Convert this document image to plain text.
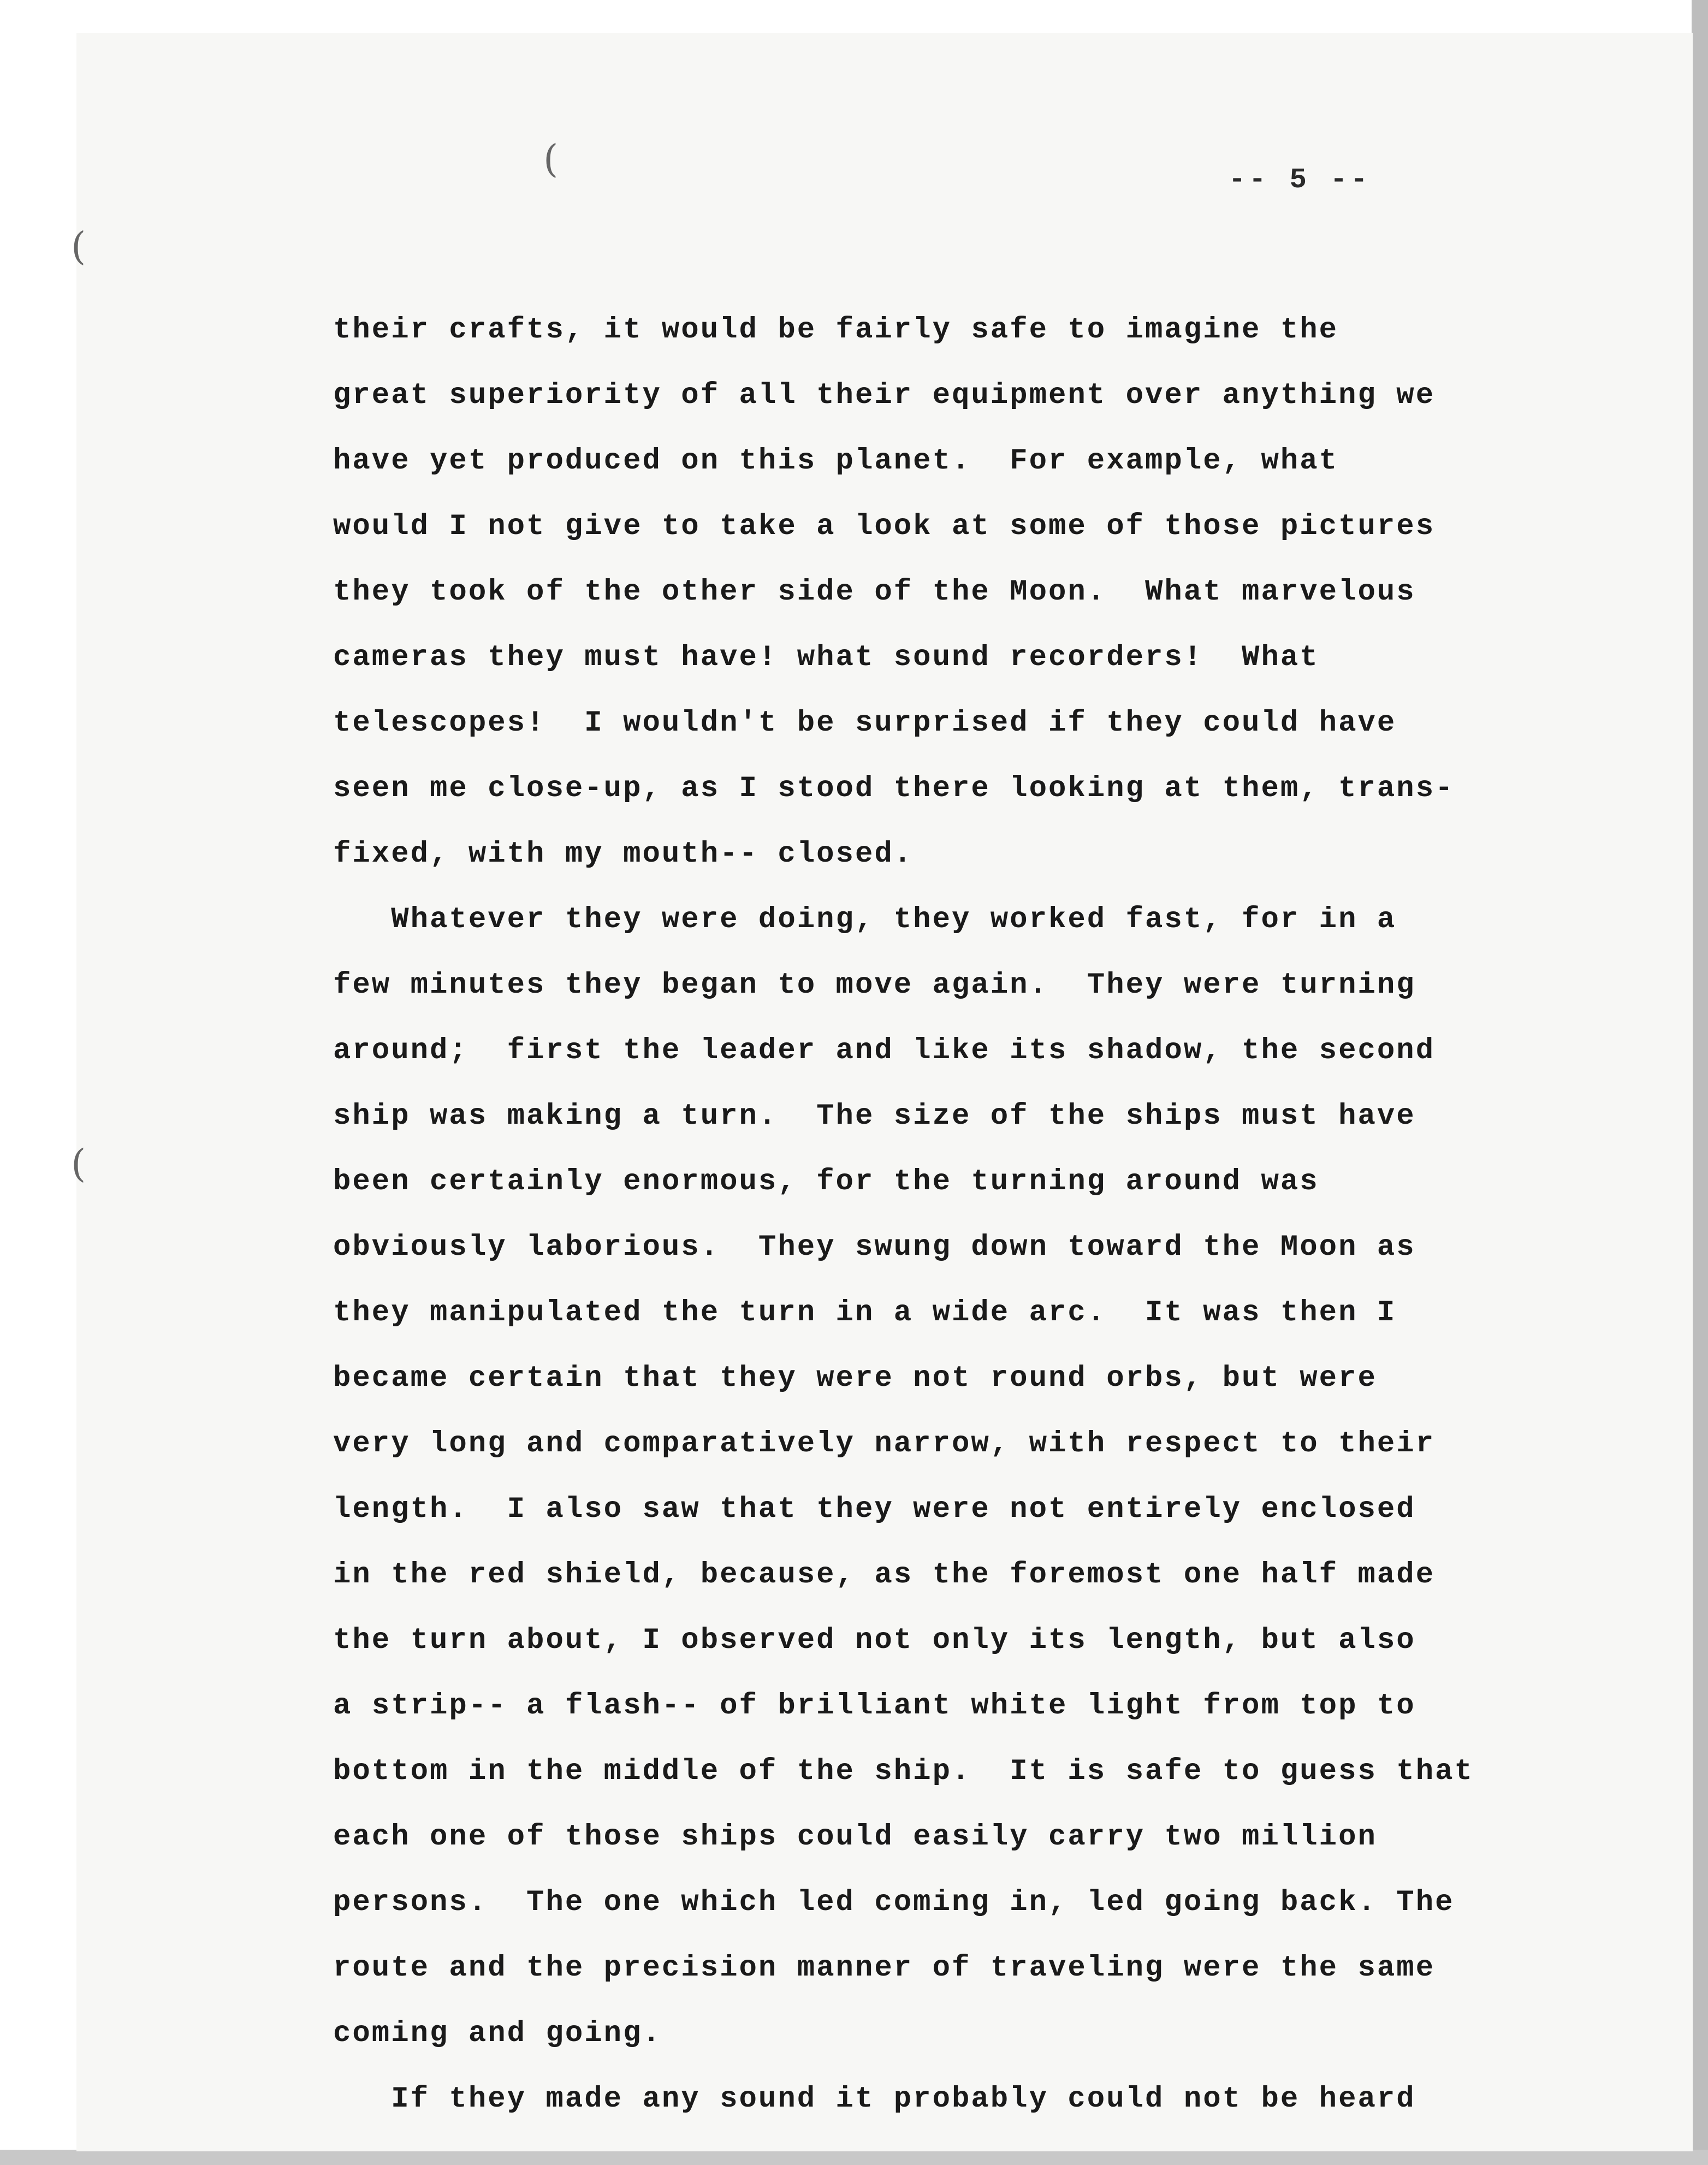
(
(
(
-- 5 --
their crafts, it would be fairly safe to imagine the
great superiority of all their equipment over anything we
have yet produced on this planet.  For example, what
would I not give to take a look at some of those pictures
they took of the other side of the Moon.  What marvelous
cameras they must have! what sound recorders!  What
telescopes!  I wouldn't be surprised if they could have
seen me close-up, as I stood there looking at them, trans-
fixed, with my mouth-- closed.
Whatever they were doing, they worked fast, for in a
few minutes they began to move again.  They were turning
around;  first the leader and like its shadow, the second
ship was making a turn.  The size of the ships must have
been certainly enormous, for the turning around was
obviously laborious.  They swung down toward the Moon as
they manipulated the turn in a wide arc.  It was then I
became certain that they were not round orbs, but were
very long and comparatively narrow, with respect to their
length.  I also saw that they were not entirely enclosed
in the red shield, because, as the foremost one half made
the turn about, I observed not only its length, but also
a strip-- a flash-- of brilliant white light from top to
bottom in the middle of the ship.  It is safe to guess that
each one of those ships could easily carry two million
persons.  The one which led coming in, led going back. The
route and the precision manner of traveling were the same
coming and going.
If they made any sound it probably could not be heard
